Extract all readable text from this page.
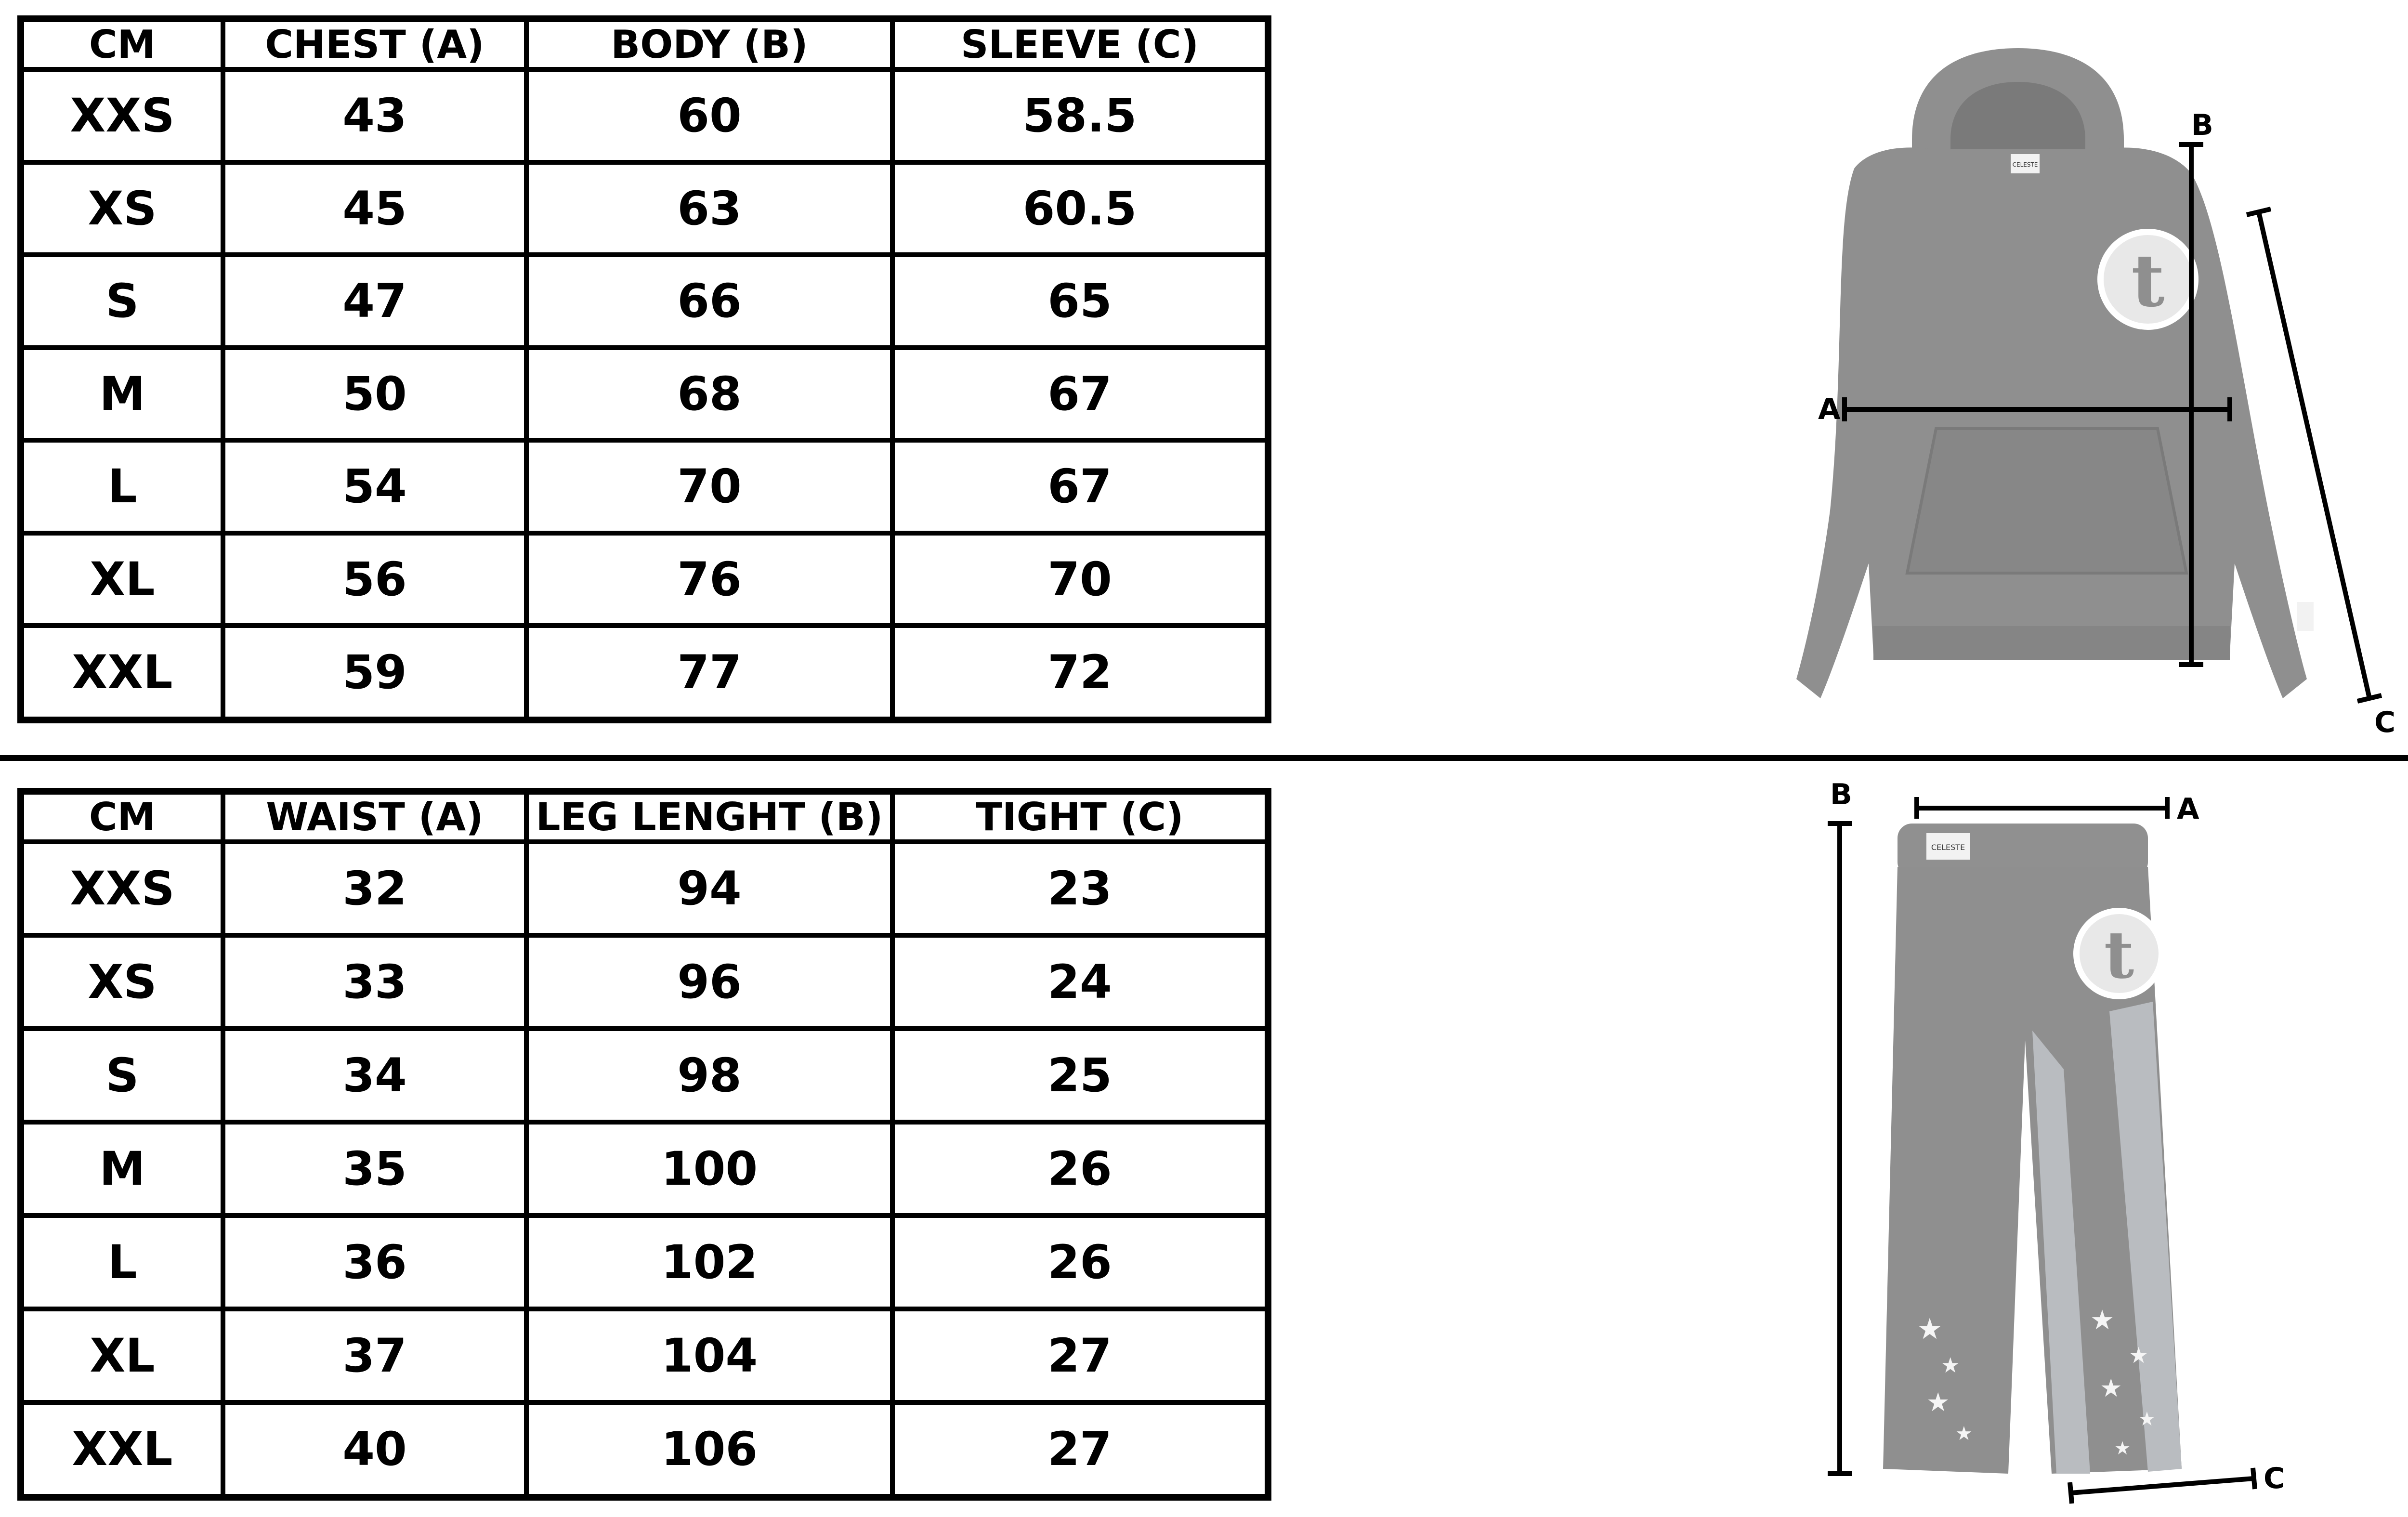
CM	CHEST (A)	BODY (B)	SLEEVE (C)
XXS	43	60	58.5
XS	45	63	60.5
S	47	66	65
M	50	68	67
L	54	70	67
XL	56	76	70
XXL	59	77	72
CM	WAIST (A)	LEG LENGHT (B)	TIGHT (C)
XXS	32	94	23
XS	33	96	24
S	34	98	25
M	35	100	26
L	36	102	26
XL	37	104	27
XXL	40	106	27
CELESTE
t
A
B
C
CELESTE
t
★
★
★
★
★
★
★
★
★
A
B
C
